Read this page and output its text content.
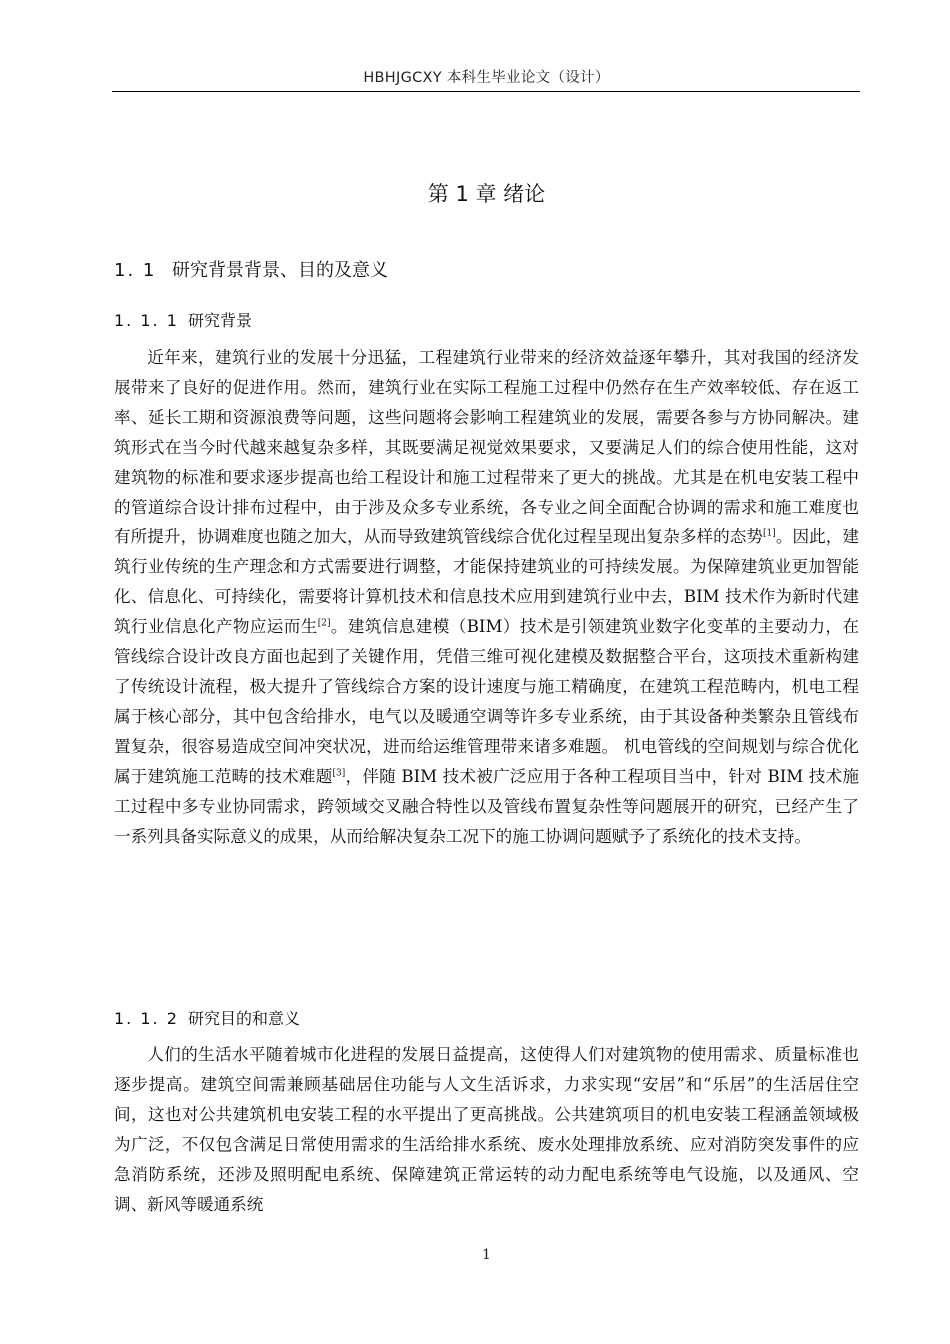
HBHJGCXY 本科生毕业论文（设计）
第 1 章 绪论
1. 1 研究背景背景、目的及意义
1. 1. 1 研究背景

近年来，建筑行业的发展十分迅猛，工程建筑行业带来的经济效益逐年攀升，其对我国的经济发展带来了良好的促进作用。然而，建筑行业在实际工程施工过程中仍然存在生产效率较低、存在返工率、延长工期和资源浪费等问题，这些问题将会影响工程建筑业的发展，需要各参与方协同解决。建筑形式在当今时代越来越复杂多样，其既要满足视觉效果要求，又要满足人们的综合使用性能，这对建筑物的标准和要求逐步提高也给工程设计和施工过程带来了更大的挑战。尤其是在机电安装工程中的管道综合设计排布过程中，由于涉及众多专业系统，各专业之间全面配合协调的需求和施工难度也有所提升，协调难度也随之加大，从而导致建筑管线综合优化过程呈现出复杂多样的态势[1]。因此，建筑行业传统的生产理念和方式需要进行调整，才能保持建筑业的可持续发展。为保障建筑业更加智能化、信息化、可持续化，需要将计算机技术和信息技术应用到建筑行业中去，BIM 技术作为新时代建筑行业信息化产物应运而生[2]。建筑信息建模（BIM）技术是引领建筑业数字化变革的主要动力，在管线综合设计改良方面也起到了关键作用，凭借三维可视化建模及数据整合平台，这项技术重新构建了传统设计流程，极大提升了管线综合方案的设计速度与施工精确度，在建筑工程范畴内，机电工程属于核心部分，其中包含给排水，电气以及暖通空调等许多专业系统，由于其设备种类繁杂且管线布置复杂，很容易造成空间冲突状况，进而给运维管理带来诸多难题。 机电管线的空间规划与综合优化属于建筑施工范畴的技术难题[3]，伴随 BIM 技术被广泛应用于各种工程项目当中，针对 BIM 技术施工过程中多专业协同需求，跨领域交叉融合特性以及管线布置复杂性等问题展开的研究，已经产生了一系列具备实际意义的成果，从而给解决复杂工况下的施工协调问题赋予了系统化的技术支持。

1. 1. 2 研究目的和意义

人们的生活水平随着城市化进程的发展日益提高，这使得人们对建筑物的使用需求、质量标准也逐步提高。建筑空间需兼顾基础居住功能与人文生活诉求，力求实现“安居”和“乐居”的生活居住空间，这也对公共建筑机电安装工程的水平提出了更高挑战。公共建筑项目的机电安装工程涵盖领域极为广泛，不仅包含满足日常使用需求的生活给排水系统、废水处理排放系统、应对消防突发事件的应急消防系统，还涉及照明配电系统、保障建筑正常运转的动力配电系统等电气设施，以及通风、空调、新风等暖通系统

1
